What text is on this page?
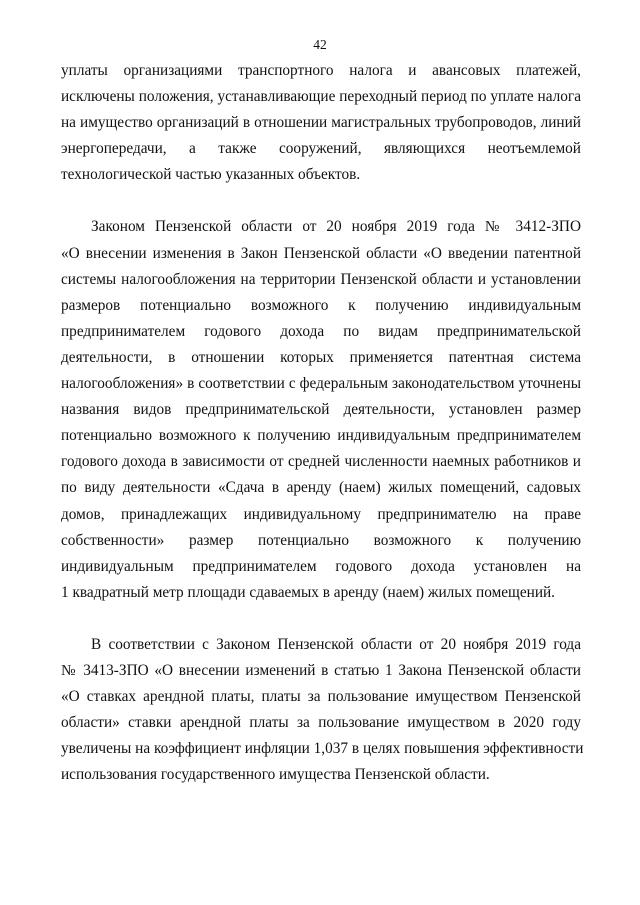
42

уплаты организациями транспортного налога и авансовых платежей,
исключены положения, устанавливающие переходный период по уплате налога
на имущество организаций в отношении магистральных трубопроводов, линий
энергопередачи, а также сооружений, являющихся неотъемлемой
технологической частью указанных объектов.

Законом Пензенской области от 20 ноября 2019 года № 3412-ЗПО
«О внесении изменения в Закон Пензенской области «О введении патентной
системы налогообложения на территории Пензенской области и установлении
размеров потенциально возможного к получению индивидуальным
предпринимателем годового дохода по видам предпринимательской
деятельности, в отношении которых применяется патентная система
налогообложения» в соответствии с федеральным законодательством уточнены
названия видов предпринимательской деятельности, установлен размер
потенциально возможного к получению индивидуальным предпринимателем
годового дохода в зависимости от средней численности наемных работников и
по виду деятельности «Сдача в аренду (наем) жилых помещений, садовых
домов, принадлежащих индивидуальному предпринимателю на праве
собственности» размер потенциально возможного к получению
индивидуальным предпринимателем годового дохода установлен на
1 квадратный метр площади сдаваемых в аренду (наем) жилых помещений.

В соответствии с Законом Пензенской области от 20 ноября 2019 года
№ 3413-ЗПО «О внесении изменений в статью 1 Закона Пензенской области
«О ставках арендной платы, платы за пользование имуществом Пензенской
области» ставки арендной платы за пользование имуществом в 2020 году
увеличены на коэффициент инфляции 1,037 в целях повышения эффективности
использования государственного имущества Пензенской области.
